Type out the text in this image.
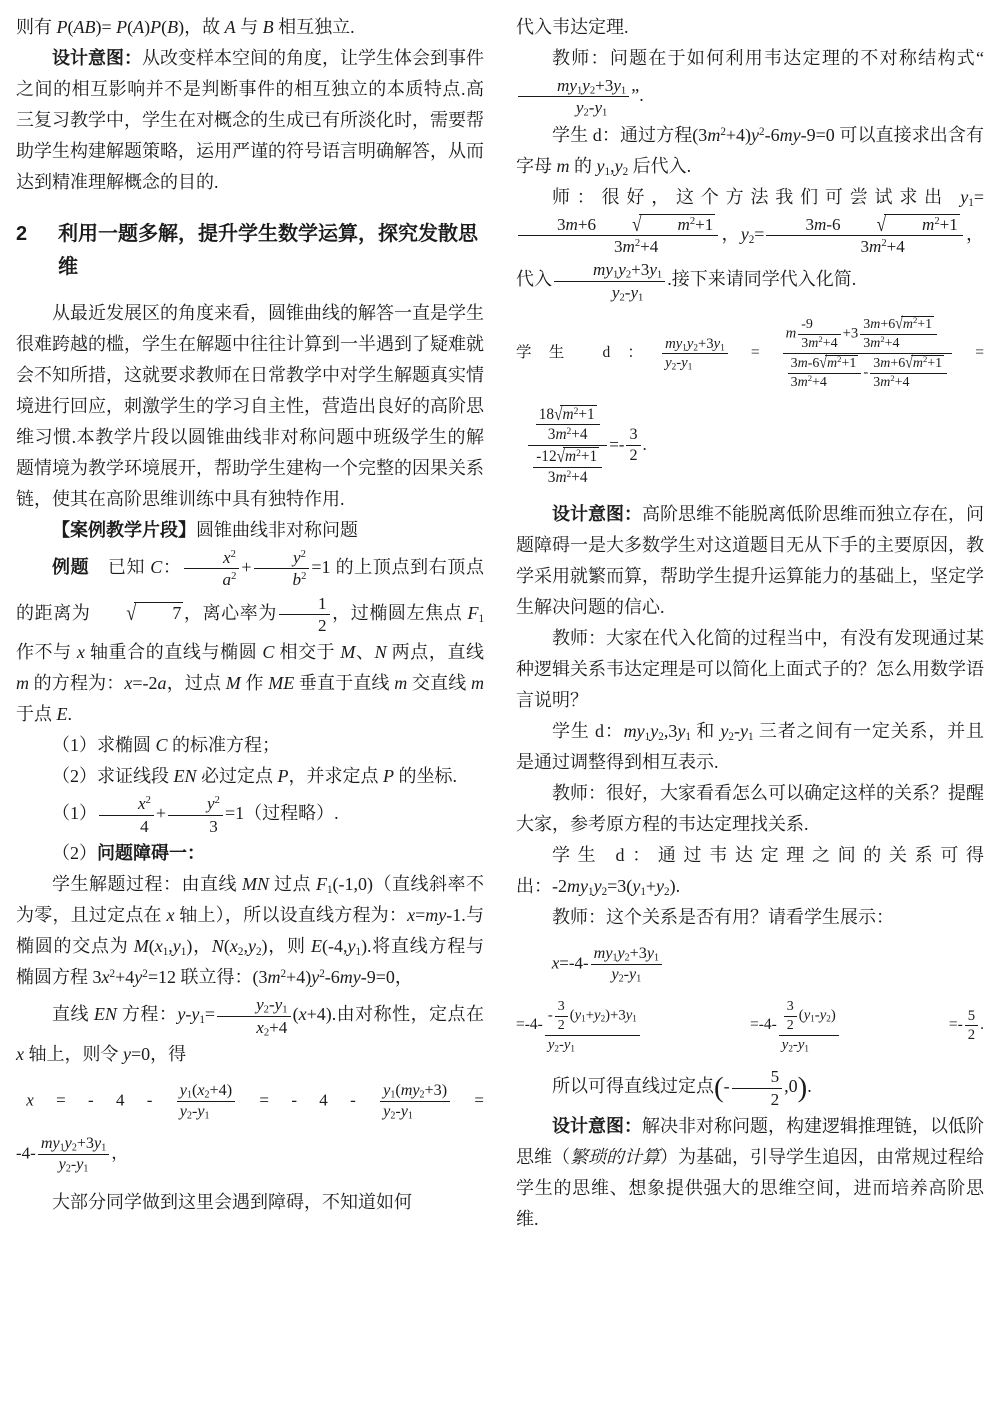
则有 P(AB)= P(A)P(B)，故 A 与 B 相互独立.
设计意图：从改变样本空间的角度，让学生体会到事件之间的相互影响并不是判断事件的相互独立的本质特点.高三复习教学中，学生在对概念的生成已有所淡化时，需要帮助学生构建解题策略，运用严谨的符号语言明确解答，从而达到精准理解概念的目的.
2	利用一题多解，提升学生数学运算，探究发散思维
从最近发展区的角度来看，圆锥曲线的解答一直是学生很难跨越的槛，学生在解题中往往计算到一半遇到了疑难就会不知所措，这就要求教师在日常教学中对学生解题真实情境进行回应，刺激学生的学习自主性，营造出良好的高阶思维习惯.本教学片段以圆锥曲线非对称问题中班级学生的解题情境为教学环境展开，帮助学生建构一个完整的因果关系链，使其在高阶思维训练中具有独特作用.
【案例教学片段】圆锥曲线非对称问题
例题　已知 C： $\frac{x^2}{a^2} + \frac{y^2}{b^2} =1$ 的上顶点到右顶点的距离为 √ 7 ，离心率为 $\frac{1}{2}$ ，过椭圆左焦点 $F_1$ 作不与 x 轴重合的直线与椭圆 C 相交于 M、N 两点，直线 m 的方程为：x=-2a，过点 M 作 ME 垂直于直线 m 交直线 m 于点 E.
（1）求椭圆 C 的标准方程；
（2）求证线段 EN 必过定点 P，并求定点 P 的坐标.
$(1) \frac{x^2}{4} + \frac{y^2}{3} =1$（过程略）.
（2）问题障碍一：
学生解题过程：由直线 MN 过点 $F_1(-1,0)$（直线斜率不为零，且过定点在 x 轴上），所以设直线方程为：x=my-1.与椭圆的交点为 $M(x_1,y_1)$，$N(x_2,y_2)$，则 $E(-4,y_1)$.将直线方程与椭圆方程 $3x^2+4y^2=12$ 联立得：$(3m^2+4)y^2-6my-9=0$，
直线 EN 方程：$y-y_1= \frac{y_2-y_1}{x_2+4} (x+4)$.由对称性，定点在 x 轴上，则令 y=0，得
x = - $4 - \frac{y_1(x_2+4)}{y_2-y_1}$ = - $4 - \frac{y_1(my_2+3)}{y_2-y_1}$ =
$-4- \frac{my_1y_2+3y_1}{y_2-y_1}$ ，
大部分同学做到这里会遇到障碍，不知道如何
代入韦达定理.
教师：问题在于如何利用韦达定理的不对称结构式“
$\frac{my_1y_2+3y_1}{y_2-y_1}$ ”.
学生 d：通过方程$(3m^2+4)y^2-6my-9=0$ 可以直接求出含有字母 m 的 $y_1,y_2$ 后代入.
师：很好，这个方法我们可尝试求出 $y_1=$
$\frac{3m+6 √ m^2+1}{3m^2+4}$ ，$y_2= \frac{3m-6 √ m^2+1}{3m^2+4}$ ，代入 $\frac{my_1y_2+3y_1}{y_2-y_1}$ .接下来请同学代入化简.
学生 d： $\frac{my_1y_2+3y_1}{y_2-y_1} = \frac{m \frac{-9}{3m^2+4} +3 \frac{3m+6√m^2+1}{3m^2+4}}{\frac{3m-6√m^2+1}{3m^2+4} - \frac{3m+6√m^2+1}{3m^2+4}}$ =
$\frac{\frac{18√m^2+1}{3m^2+4}}{\frac{-12√m^2+1}{3m^2+4}} =- \frac{3}{2}$ .
设计意图：高阶思维不能脱离低阶思维而独立存在，问题障碍一是大多数学生对这道题目无从下手的主要原因，教学采用就繁而算，帮助学生提升运算能力的基础上，坚定学生解决问题的信心.
教师：大家在代入化简的过程当中，有没有发现通过某种逻辑关系韦达定理是可以简化上面式子的？怎么用数学语言说明？
学生 d：$my_1y_2,3y_1$ 和 $y_2-y_1$ 三者之间有一定关系，并且是通过调整得到相互表示.
教师：很好，大家看看怎么可以确定这样的关系？提醒大家，参考原方程的韦达定理找关系.
学生 d：通过韦达定理之间的关系可得出：$-2my_1y_2=3(y_1+y_2)$.
教师：这个关系是否有用？请看学生展示：
$x=-4- \frac{my_1y_2+3y_1}{y_2-y_1}$
$=-4- \frac{- \frac{3}{2} (y_1+y_2)+3y_1}{y_2-y_1} =-4- \frac{\frac{3}{2} (y_1-y_2)}{y_2-y_1} =- \frac{5}{2}$ .
所以可得直线过定点(- $\frac{5}{2} ,0$).
设计意图：解决非对称问题，构建逻辑推理链，以低阶思维（繁琐的计算）为基础，引导学生追因，由常规过程给学生的思维、想象提供强大的思维空间，进而培养高阶思维.
